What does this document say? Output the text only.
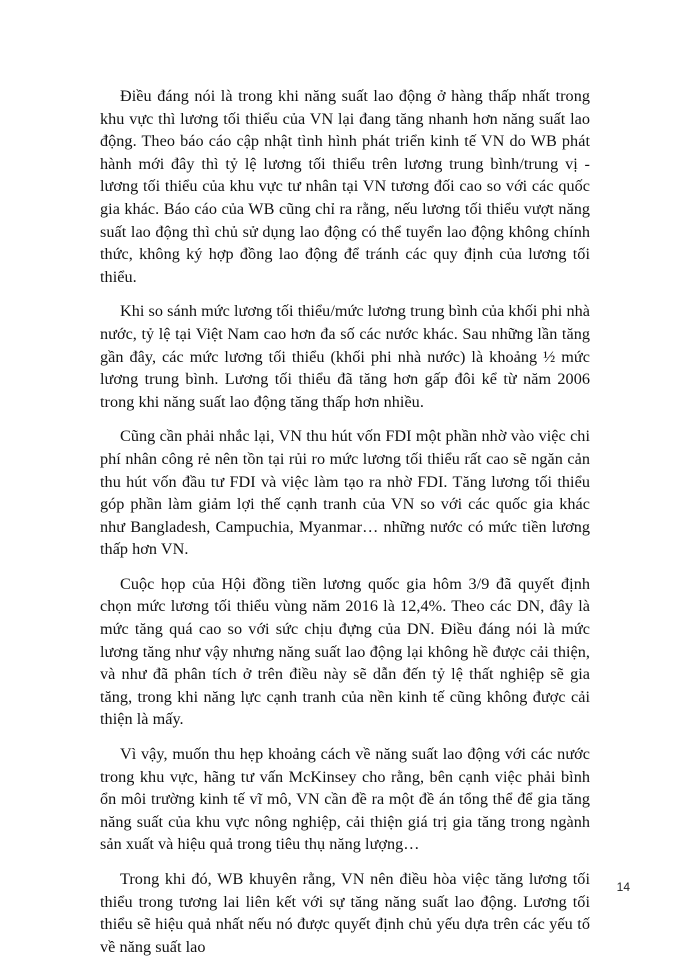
Điều đáng nói là trong khi năng suất lao động ở hàng thấp nhất trong khu vực thì lương tối thiểu của VN lại đang tăng nhanh hơn năng suất lao động. Theo báo cáo cập nhật tình hình phát triển kinh tế VN do WB phát hành mới đây thì tỷ lệ lương tối thiểu trên lương trung bình/trung vị - lương tối thiểu của khu vực tư nhân tại VN tương đối cao so với các quốc gia khác. Báo cáo của WB cũng chỉ ra rằng, nếu lương tối thiểu vượt năng suất lao động thì chủ sử dụng lao động có thể tuyển lao động không chính thức, không ký hợp đồng lao động để tránh các quy định của lương tối thiểu.

Khi so sánh mức lương tối thiểu/mức lương trung bình của khối phi nhà nước, tỷ lệ tại Việt Nam cao hơn đa số các nước khác. Sau những lần tăng gần đây, các mức lương tối thiểu (khối phi nhà nước) là khoảng ½ mức lương trung bình. Lương tối thiểu đã tăng hơn gấp đôi kể từ năm 2006 trong khi năng suất lao động tăng thấp hơn nhiều.

Cũng cần phải nhắc lại, VN thu hút vốn FDI một phần nhờ vào việc chi phí nhân công rẻ nên tồn tại rủi ro mức lương tối thiểu rất cao sẽ ngăn cản thu hút vốn đầu tư FDI và việc làm tạo ra nhờ FDI. Tăng lương tối thiểu góp phần làm giảm lợi thế cạnh tranh của VN so với các quốc gia khác như Bangladesh, Campuchia, Myanmar… những nước có mức tiền lương thấp hơn VN.

Cuộc họp của Hội đồng tiền lương quốc gia hôm 3/9 đã quyết định chọn mức lương tối thiểu vùng năm 2016 là 12,4%. Theo các DN, đây là mức tăng quá cao so với sức chịu đựng của DN. Điều đáng nói là mức lương tăng như vậy nhưng năng suất lao động lại không hề được cải thiện, và như đã phân tích ở trên điều này sẽ dẫn đến tỷ lệ thất nghiệp sẽ gia tăng, trong khi năng lực cạnh tranh của nền kinh tế cũng không được cải thiện là mấy.

Vì vậy, muốn thu hẹp khoảng cách về năng suất lao động với các nước trong khu vực, hãng tư vấn McKinsey cho rằng, bên cạnh việc phải bình ổn môi trường kinh tế vĩ mô, VN cần đề ra một đề án tổng thể để gia tăng năng suất của khu vực nông nghiệp, cải thiện giá trị gia tăng trong ngành sản xuất và hiệu quả trong tiêu thụ năng lượng…

Trong khi đó, WB khuyên rằng, VN nên điều hòa việc tăng lương tối thiểu trong tương lai liên kết với sự tăng năng suất lao động. Lương tối thiểu sẽ hiệu quả nhất nếu nó được quyết định chủ yếu dựa trên các yếu tố về năng suất lao

14
